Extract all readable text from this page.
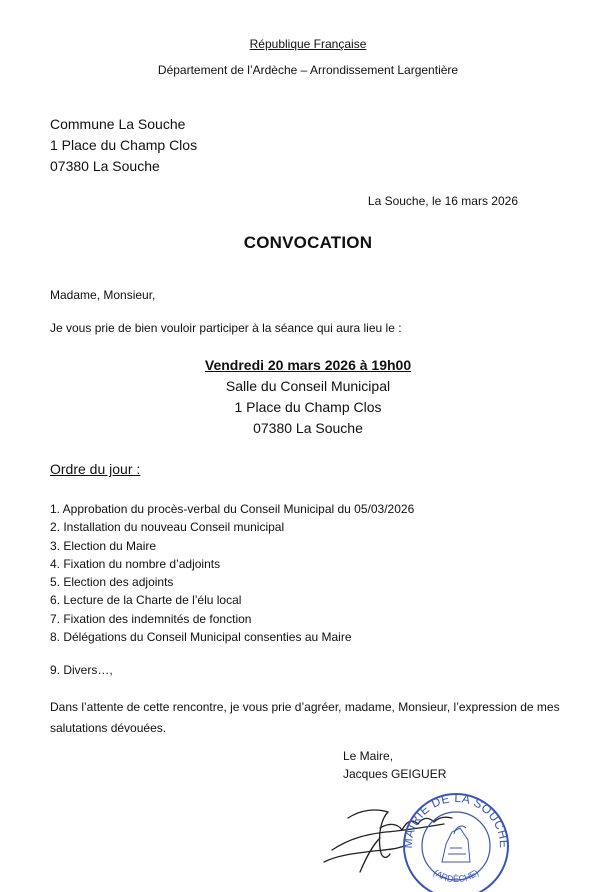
République Française
Département de l’Ardèche – Arrondissement Largentière
Commune La Souche
1 Place du Champ Clos
07380 La Souche
La Souche, le 16 mars 2026
CONVOCATION
Madame, Monsieur,
Je vous prie de bien vouloir participer à la séance qui aura lieu le :
Vendredi 20 mars 2026 à 19h00
Salle du Conseil Municipal
1 Place du Champ Clos
07380 La Souche
Ordre du jour :
1. Approbation du procès-verbal du Conseil Municipal du 05/03/2026
2. Installation du nouveau Conseil municipal
3. Election du Maire
4. Fixation du nombre d’adjoints
5. Election des adjoints
6. Lecture de la Charte de l’élu local
7. Fixation des indemnités de fonction
8. Délégations du Conseil Municipal consenties au Maire
9. Divers…,
Dans l’attente de cette rencontre, je vous prie d’agréer, madame, Monsieur, l’expression de mes salutations dévouées.
Le Maire,
Jacques GEIGUER
MAIRIE DE LA SOUCHE
(ARDÈCHE)
